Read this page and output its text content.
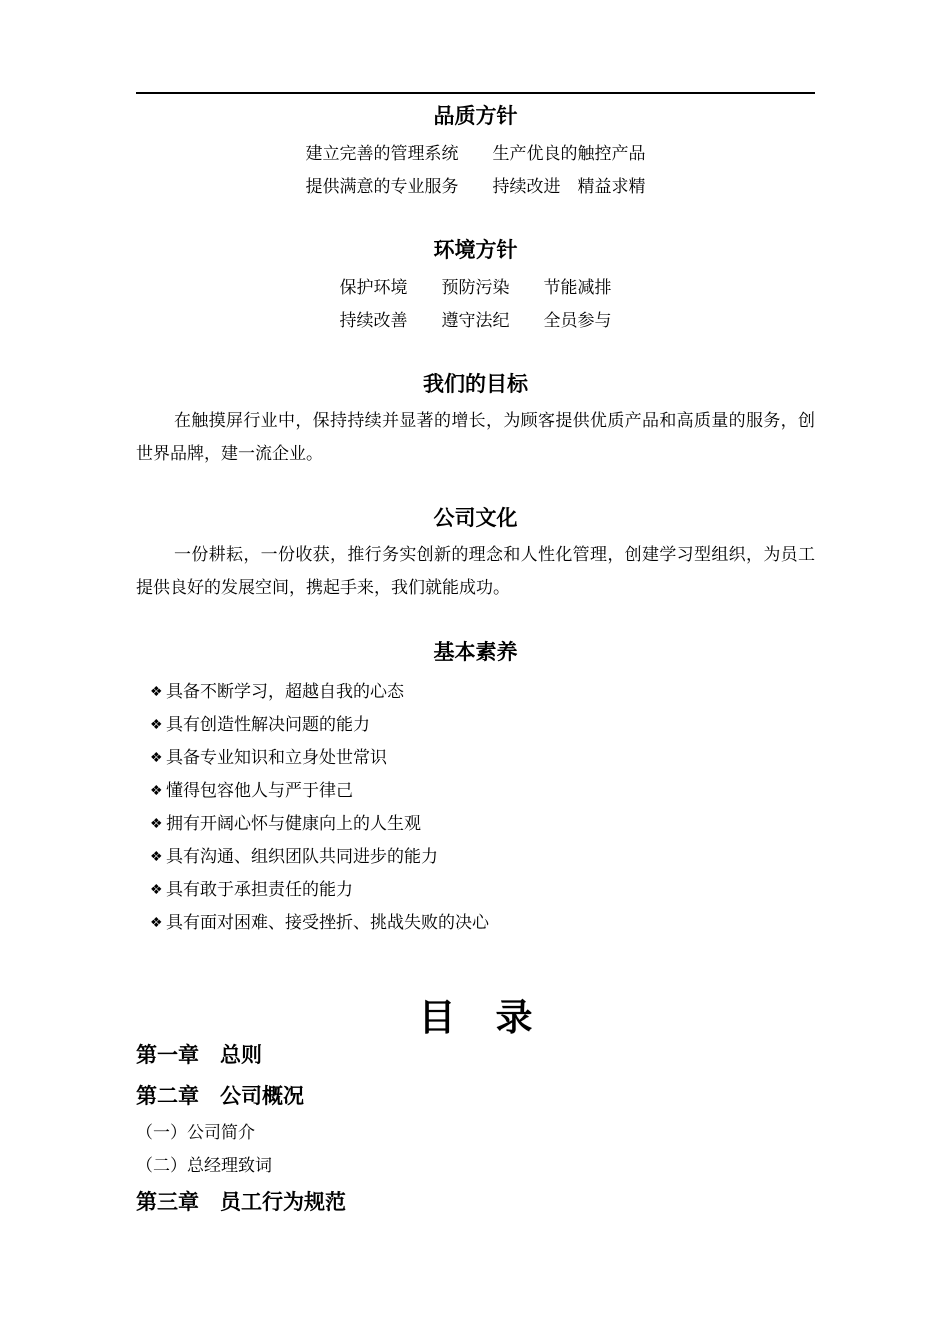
品质方针
建立完善的管理系统　　生产优良的触控产品
提供满意的专业服务　　持续改进　精益求精
环境方针
保护环境　　预防污染　　节能减排
持续改善　　遵守法纪　　全员参与
我们的目标

在触摸屏行业中，保持持续并显著的增长，为顾客提供优质产品和高质量的服务，创世界品牌，建一流企业。

公司文化

一份耕耘，一份收获，推行务实创新的理念和人性化管理，创建学习型组织，为员工提供良好的发展空间，携起手来，我们就能成功。

基本素养
❖ 具备不断学习，超越自我的心态
❖ 具有创造性解决问题的能力
❖ 具备专业知识和立身处世常识
❖ 懂得包容他人与严于律己
❖ 拥有开阔心怀与健康向上的人生观
❖ 具有沟通、组织团队共同进步的能力
❖ 具有敢于承担责任的能力
❖ 具有面对困难、接受挫折、挑战失败的决心
目录
第一章　总则
第二章　公司概况
（一）公司简介
（二）总经理致词
第三章　员工行为规范
